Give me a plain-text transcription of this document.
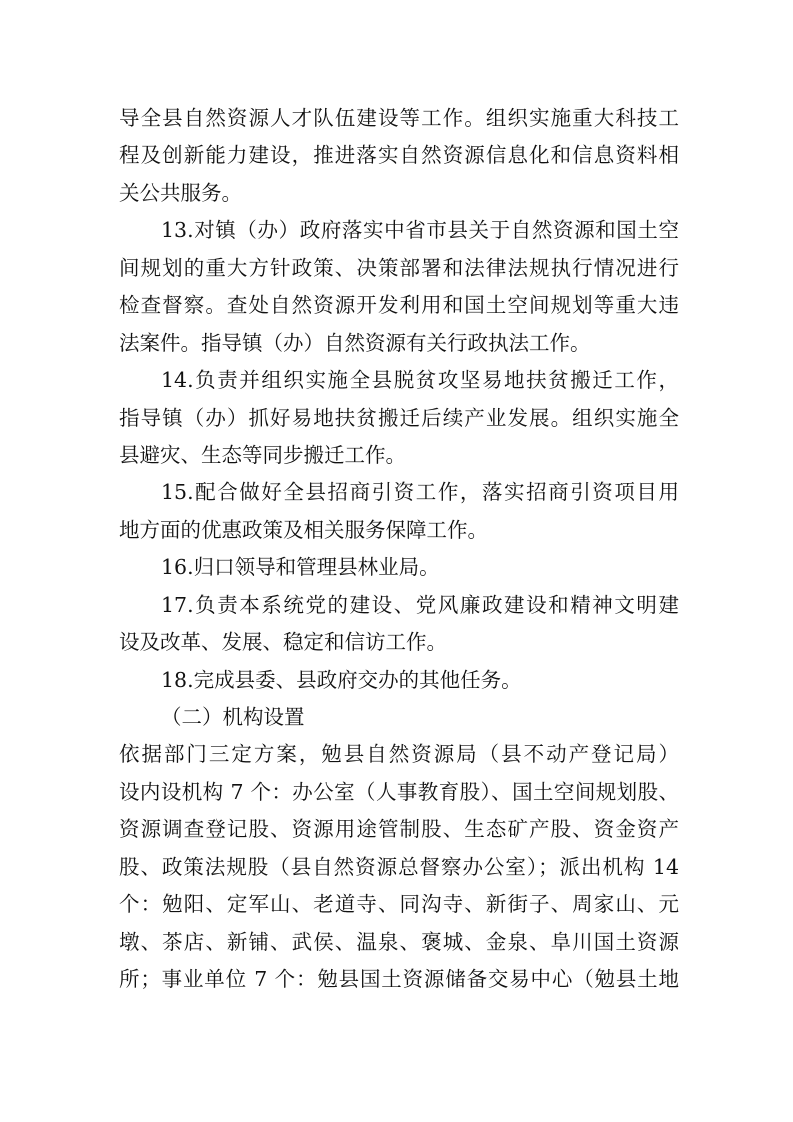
导全县自然资源人才队伍建设等工作。组织实施重大科技工

程及创新能力建设，推进落实自然资源信息化和信息资料相

关公共服务。

13.对镇（办）政府落实中省市县关于自然资源和国土空

间规划的重大方针政策、决策部署和法律法规执行情况进行

检查督察。查处自然资源开发利用和国土空间规划等重大违

法案件。指导镇（办）自然资源有关行政执法工作。

14.负责并组织实施全县脱贫攻坚易地扶贫搬迁工作，

指导镇（办）抓好易地扶贫搬迁后续产业发展。组织实施全

县避灾、生态等同步搬迁工作。

15.配合做好全县招商引资工作，落实招商引资项目用

地方面的优惠政策及相关服务保障工作。

16.归口领导和管理县林业局。

17.负责本系统党的建设、党风廉政建设和精神文明建

设及改革、发展、稳定和信访工作。

18.完成县委、县政府交办的其他任务。

（二）机构设置

依据部门三定方案，勉县自然资源局（县不动产登记局）

设内设机构 7 个：办公室（人事教育股）、国土空间规划股、

资源调查登记股、资源用途管制股、生态矿产股、资金资产

股、政策法规股（县自然资源总督察办公室）；派出机构 14

个：勉阳、定军山、老道寺、同沟寺、新街子、周家山、元

墩、茶店、新铺、武侯、温泉、褒城、金泉、阜川国土资源

所；事业单位 7 个：勉县国土资源储备交易中心（勉县土地
